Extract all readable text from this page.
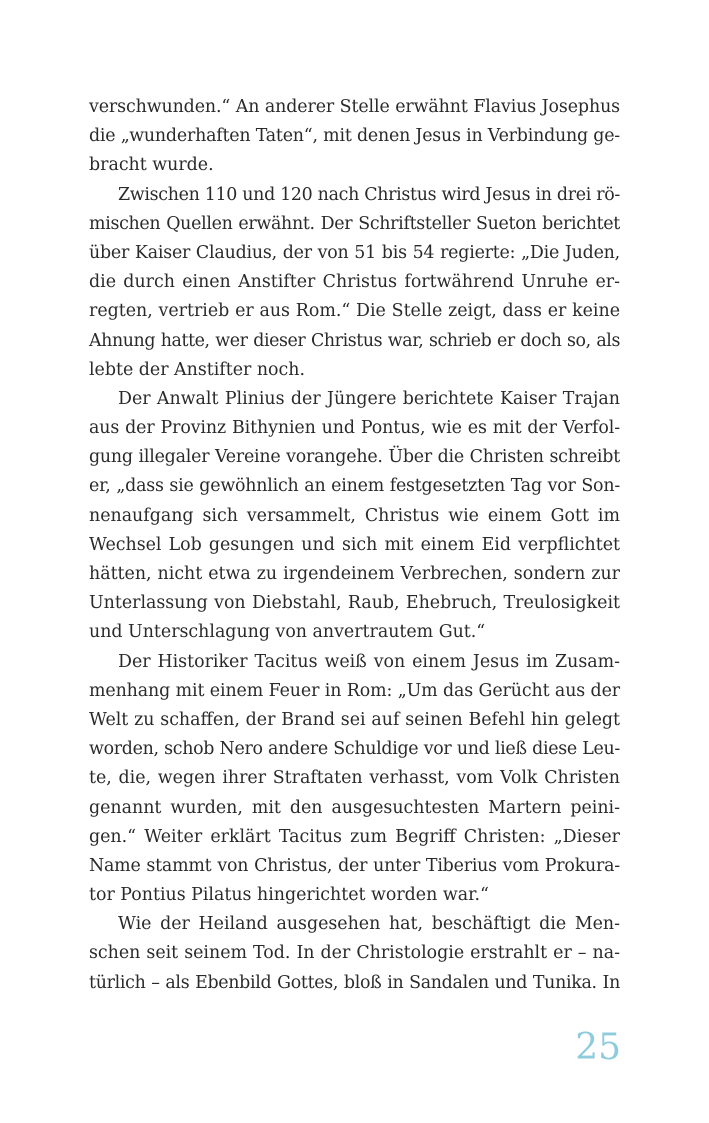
verschwunden.“ An anderer Stelle erwähnt Flavius Josephus
die „wunderhaften Taten“, mit denen Jesus in Verbindung ge-
bracht wurde.
Zwischen 110 und 120 nach Christus wird Jesus in drei rö-
mischen Quellen erwähnt. Der Schriftsteller Sueton berichtet
über Kaiser Claudius, der von 51 bis 54 regierte: „Die Juden,
die durch einen Anstifter Christus fortwährend Unruhe er-
regten, vertrieb er aus Rom.“ Die Stelle zeigt, dass er keine
Ahnung hatte, wer dieser Christus war, schrieb er doch so, als
lebte der Anstifter noch.
Der Anwalt Plinius der Jüngere berichtete Kaiser Trajan
aus der Provinz Bithynien und Pontus, wie es mit der Verfol-
gung illegaler Vereine vorangehe. Über die Christen schreibt
er, „dass sie gewöhnlich an einem festgesetzten Tag vor Son-
nenaufgang sich versammelt, Christus wie einem Gott im
Wechsel Lob gesungen und sich mit einem Eid verpflichtet
hätten, nicht etwa zu irgendeinem Verbrechen, sondern zur
Unterlassung von Diebstahl, Raub, Ehebruch, Treulosigkeit
und Unterschlagung von anvertrautem Gut.“
Der Historiker Tacitus weiß von einem Jesus im Zusam-
menhang mit einem Feuer in Rom: „Um das Gerücht aus der
Welt zu schaffen, der Brand sei auf seinen Befehl hin gelegt
worden, schob Nero andere Schuldige vor und ließ diese Leu-
te, die, wegen ihrer Straftaten verhasst, vom Volk Christen
genannt wurden, mit den ausgesuchtesten Martern peini-
gen.“ Weiter erklärt Tacitus zum Begriff Christen: „Dieser
Name stammt von Christus, der unter Tiberius vom Prokura-
tor Pontius Pilatus hingerichtet worden war.“
Wie der Heiland ausgesehen hat, beschäftigt die Men-
schen seit seinem Tod. In der Christologie erstrahlt er – na-
türlich – als Ebenbild Gottes, bloß in Sandalen und Tunika. In
25
